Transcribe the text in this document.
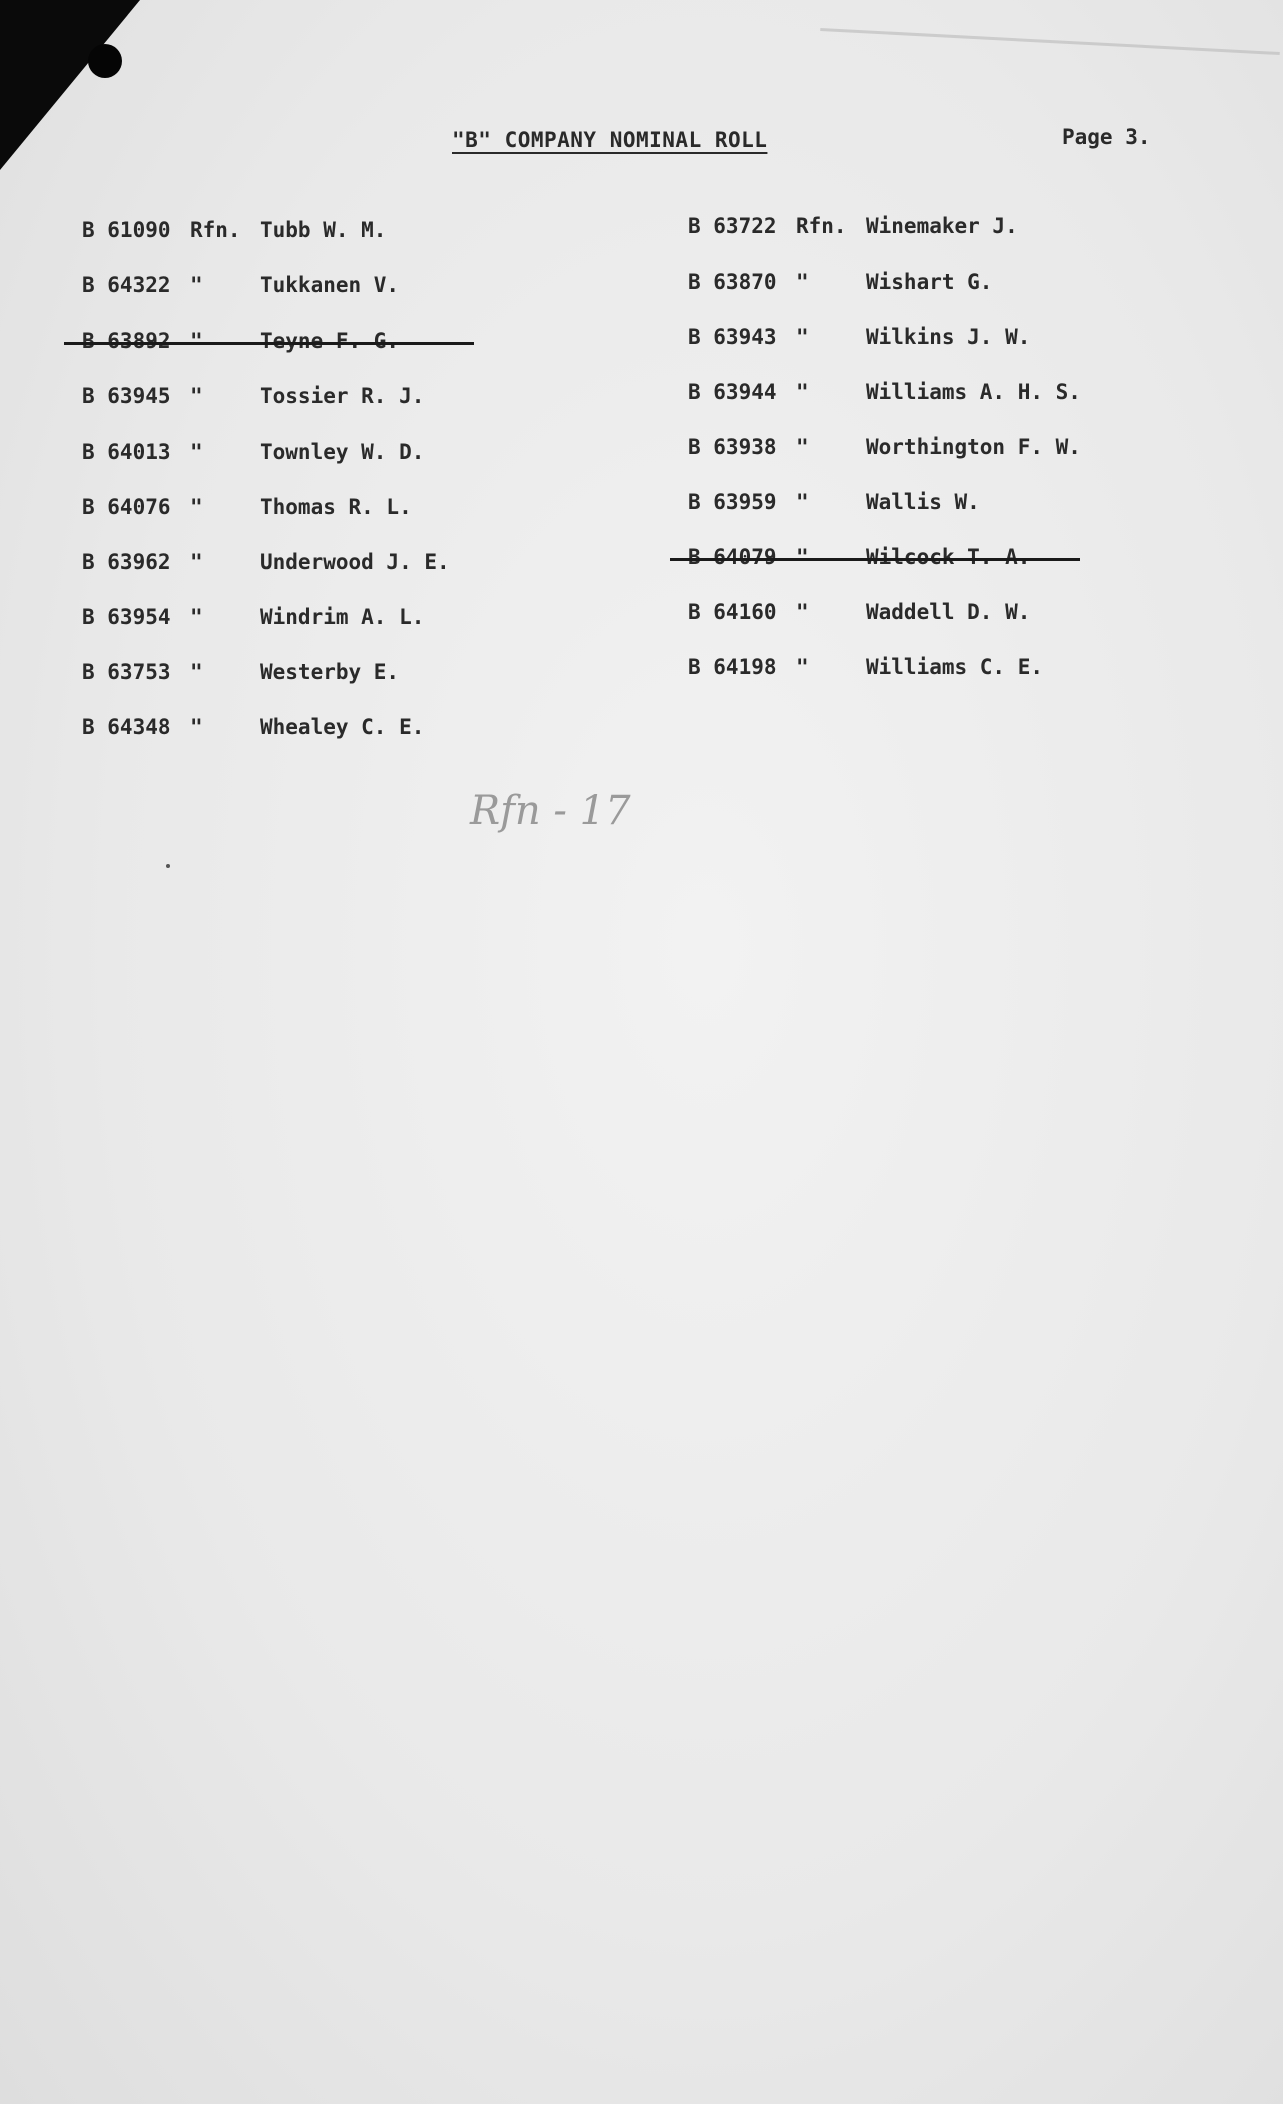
"B" COMPANY NOMINAL ROLL	Page 3.
B 61090 Rfn. Tubb W. M.
B 64322 "	Tukkanen V.
B 63892 "	Teyne F. G.
B 63945 "	Tossier R. J.
B 64013 "	Townley W. D.
B 64076 "	Thomas R. L.
B 63962 "	Underwood J. E.
B 63954 "	Windrim A. L.
B 63753 "	Westerby E.
B 64348 "	Whealey C. E.
B 63722 Rfn. Winemaker J.
B 63870 "	Wishart G.
B 63943 "	Wilkins J. W.
B 63944 "	Williams A. H. S.
B 63938 "	Worthington F. W.
B 63959 "	Wallis W.
B 64079 "	Wilcock T. A.
B 64160 "	Waddell D. W.
B 64198 "	Williams C. E.
Rfn - 17
